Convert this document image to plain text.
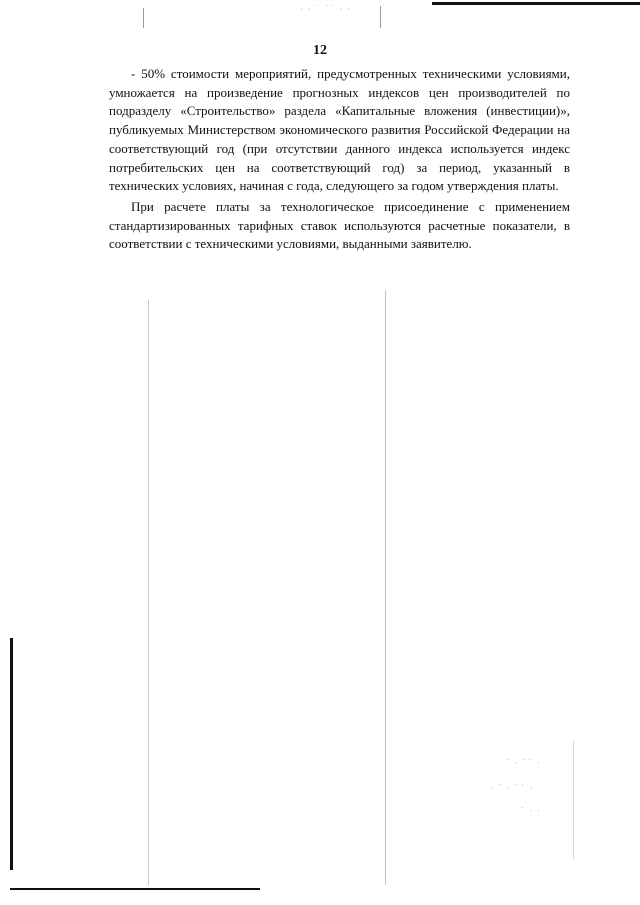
· · ˙ ˙˙ · ·
˙ · ˙˙ ·
· ˙ · ˙˙ ·
˙ · ·
12

- 50% стоимости мероприятий, предусмотренных техническими условиями, умножается на произведение прогнозных индексов цен производителей по подразделу «Строительство» раздела «Капитальные вложения (инвестиции)», публикуемых Министерством экономического развития Российской Федерации на соответствующий год (при отсутствии данного индекса используется индекс потребительских цен на соответствующий год) за период, указанный в технических условиях, начиная с года, следующего за годом утверждения платы.

При расчете платы за технологическое присоединение с применением стандартизированных тарифных ставок используются расчетные показатели, в соответствии с техническими условиями, выданными заявителю.
